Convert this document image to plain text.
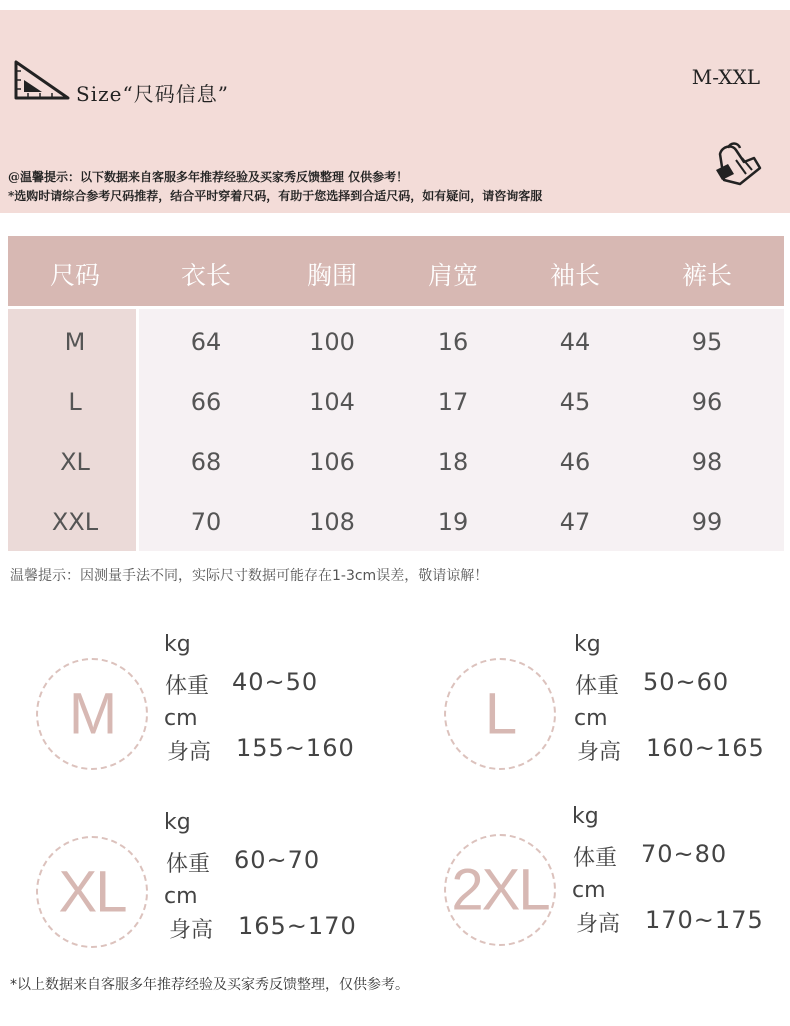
Size“尺码信息”
M-XXL
@温馨提示：以下数据来自客服多年推荐经验及买家秀反馈整理 仅供参考！
*选购时请综合参考尺码推荐，结合平时穿着尺码，有助于您选择到合适尺码，如有疑问，请咨询客服
尺码	衣长	胸围	肩宽	袖长	裤长
M	64	100	16	44	95
L	66	104	17	45	96
XL	68	106	18	46	98
XXL	70	108	19	47	99
温馨提示：因测量手法不同，实际尺寸数据可能存在1-3cm误差，敬请谅解！
M
kg
体重 40~50
cm
身高 155~160
L
kg
体重 50~60
cm
身高 160~165
XL
kg
体重 60~70
cm
身高 165~170
2XL
kg
体重 70~80
cm
身高 170~175
*以上数据来自客服多年推荐经验及买家秀反馈整理，仅供参考。
